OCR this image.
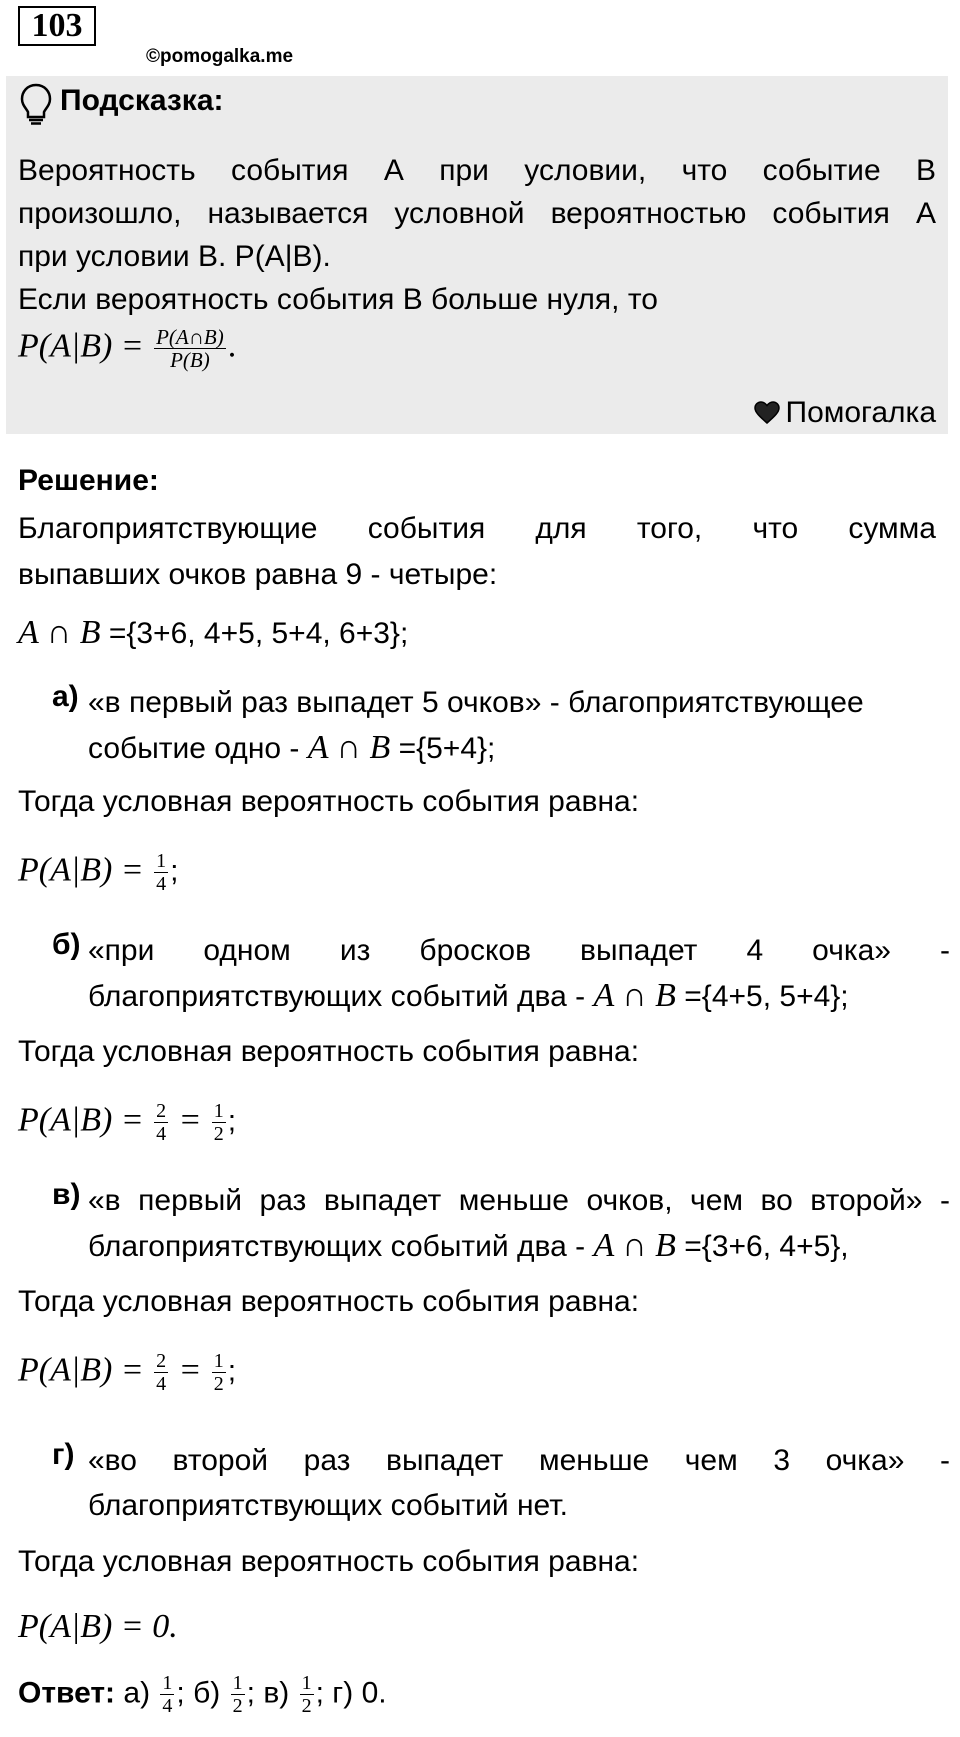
103
©pomogalka.me
Подсказка:
Вероятность события А при условии, что событие В
произошло, называется условной вероятностью события А
при условии В. P(A|B).
Если вероятность события В больше нуля, то
$P(A|B) = \frac{P(A\cap B)}{P(B)}$ .
Помогалка
Решение:
Благоприятствующие события для того, что сумма
выпавших очков равна 9 - четыре:
A ∩ B ={3+6, 4+5, 5+4, 6+3};
а) «в первый раз выпадет 5 очков» - благоприятствующее
событие одно - A ∩ B ={5+4};
Тогда условная вероятность события равна:
$P(A|B) = \frac{1}{4}$ ;
б) «при одном из бросков выпадет 4 очка» -
благоприятствующих событий два - A ∩ B ={4+5, 5+4};
Тогда условная вероятность события равна:
$P(A|B) = \frac{2}{4} = \frac{1}{2}$ ;
в) «в первый раз выпадет меньше очков, чем во второй» -
благоприятствующих событий два - A ∩ B ={3+6, 4+5},
Тогда условная вероятность события равна:
$P(A|B) = \frac{2}{4} = \frac{1}{2}$ ;
г) «во второй раз выпадет меньше чем 3 очка» -
благоприятствующих событий нет.
Тогда условная вероятность события равна:
P(A|B) = 0.
Ответ: $а) \frac{1}{4}$ ; $б) \frac{1}{2}$ ; $в) \frac{1}{2}$ ; г) 0.
